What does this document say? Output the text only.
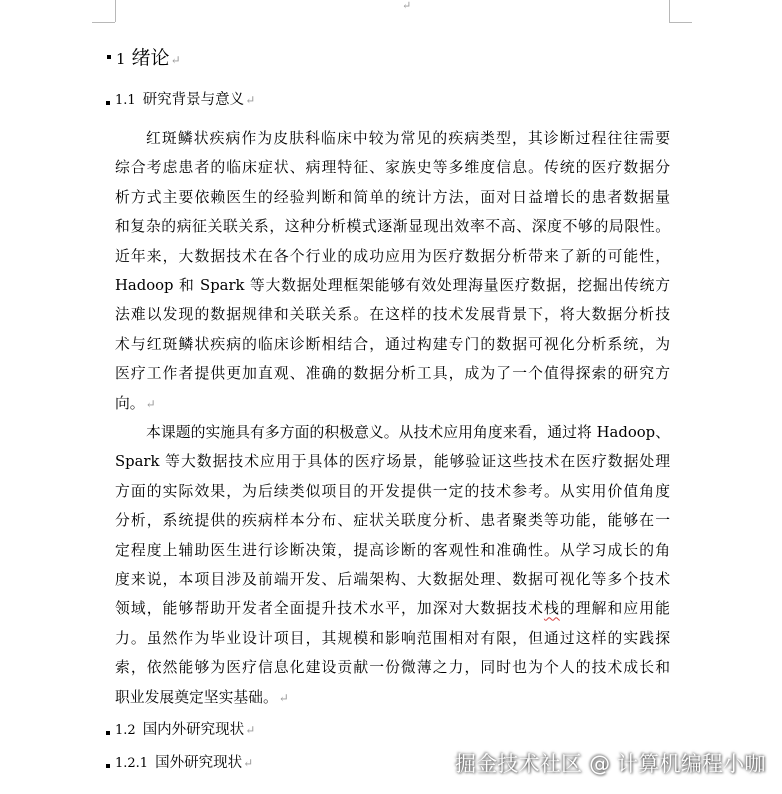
↵
1 绪论↵
1.1 研究背景与意义↵
红斑鳞状疾病作为皮肤科临床中较为常见的疾病类型，其诊断过程往往需要
综合考虑患者的临床症状、病理特征、家族史等多维度信息。传统的医疗数据分
析方式主要依赖医生的经验判断和简单的统计方法，面对日益增长的患者数据量
和复杂的病征关联关系，这种分析模式逐渐显现出效率不高、深度不够的局限性。
近年来，大数据技术在各个行业的成功应用为医疗数据分析带来了新的可能性，
Hadoop 和 Spark 等大数据处理框架能够有效处理海量医疗数据，挖掘出传统方
法难以发现的数据规律和关联关系。在这样的技术发展背景下，将大数据分析技
术与红斑鳞状疾病的临床诊断相结合，通过构建专门的数据可视化分析系统，为
医疗工作者提供更加直观、准确的数据分析工具，成为了一个值得探索的研究方
向。↵
本课题的实施具有多方面的积极意义。从技术应用角度来看，通过将 Hadoop、
Spark 等大数据技术应用于具体的医疗场景，能够验证这些技术在医疗数据处理
方面的实际效果，为后续类似项目的开发提供一定的技术参考。从实用价值角度
分析，系统提供的疾病样本分布、症状关联度分析、患者聚类等功能，能够在一
定程度上辅助医生进行诊断决策，提高诊断的客观性和准确性。从学习成长的角
度来说，本项目涉及前端开发、后端架构、大数据处理、数据可视化等多个技术
领域，能够帮助开发者全面提升技术水平，加深对大数据技术栈的理解和应用能
力。虽然作为毕业设计项目，其规模和影响范围相对有限，但通过这样的实践探
索，依然能够为医疗信息化建设贡献一份微薄之力，同时也为个人的技术成长和
职业发展奠定坚实基础。↵
1.2 国内外研究现状↵
1.2.1 国外研究现状↵	掘金技术社区 @ 计算机编程小咖
